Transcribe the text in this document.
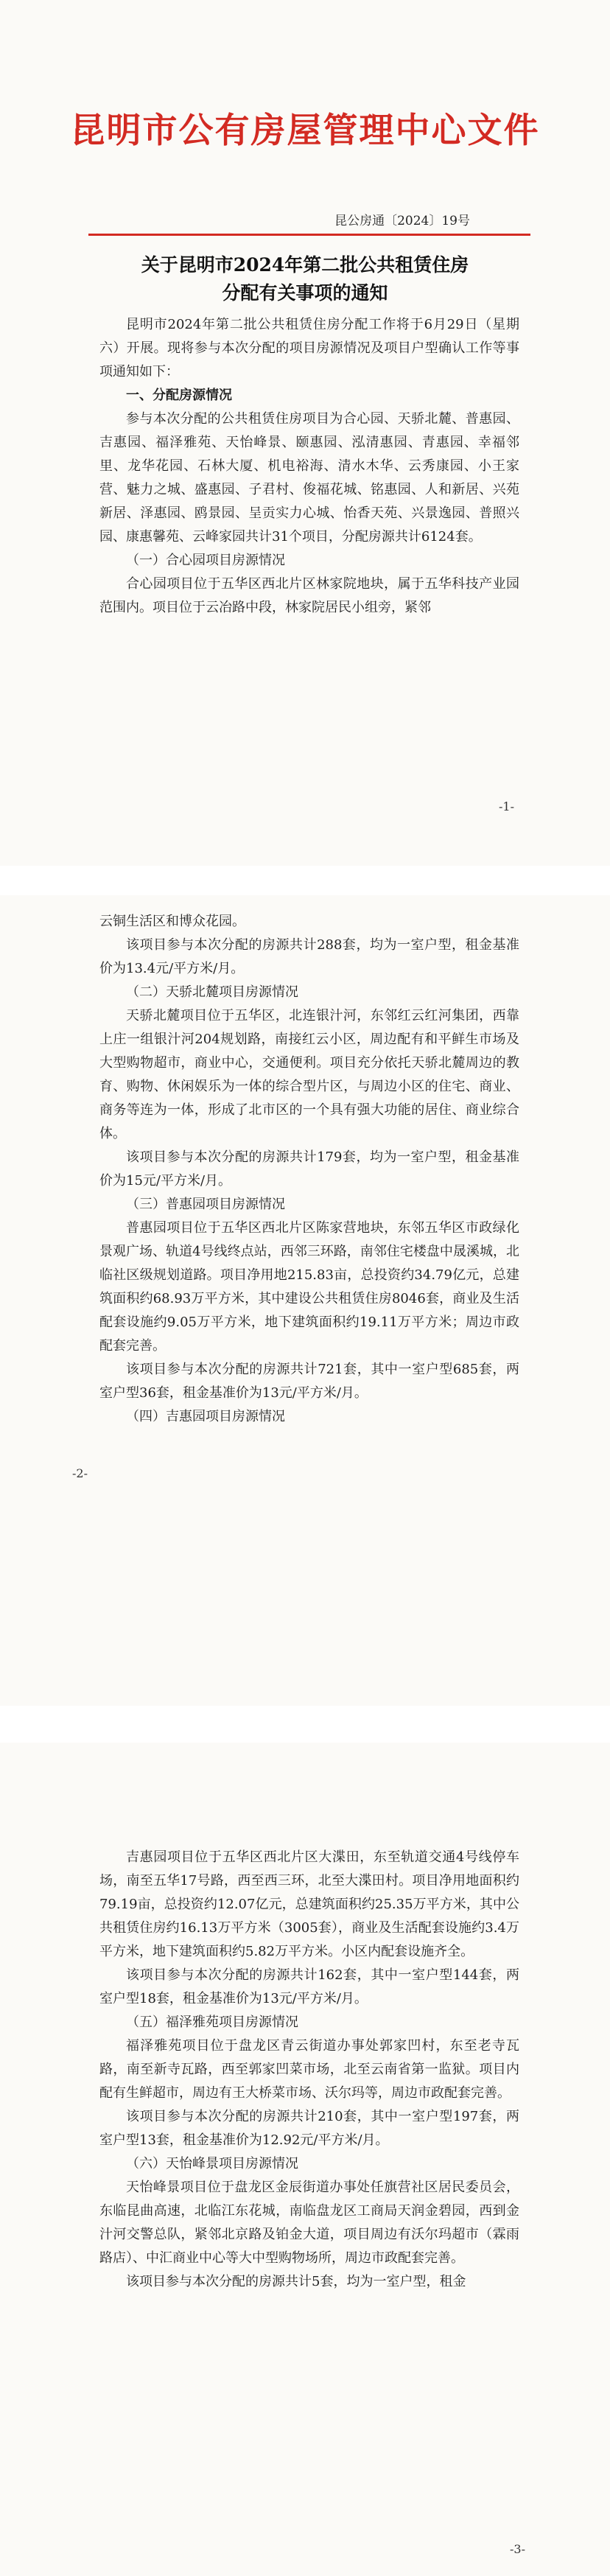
昆明市公有房屋管理中心文件
昆公房通〔2024〕19号
关于昆明市2024年第二批公共租赁住房
分配有关事项的通知

昆明市2024年第二批公共租赁住房分配工作将于6月29日（星期六）开展。现将参与本次分配的项目房源情况及项目户型确认工作等事项通知如下：

一、分配房源情况

参与本次分配的公共租赁住房项目为合心园、天骄北麓、普惠园、吉惠园、福泽雅苑、天怡峰景、颐惠园、泓清惠园、青惠园、幸福邻里、龙华花园、石林大厦、机电裕海、清水木华、云秀康园、小王家营、魅力之城、盛惠园、子君村、俊福花城、铭惠园、人和新居、兴苑新居、泽惠园、鸥景园、呈贡实力心城、怡香天苑、兴景逸园、普照兴园、康惠馨苑、云峰家园共计31个项目，分配房源共计6124套。

（一）合心园项目房源情况

合心园项目位于五华区西北片区林家院地块，属于五华科技产业园范围内。项目位于云冶路中段，林家院居民小组旁，紧邻

-1-

云铜生活区和博众花园。

该项目参与本次分配的房源共计288套，均为一室户型，租金基准价为13.4元/平方米/月。

（二）天骄北麓项目房源情况

天骄北麓项目位于五华区，北连银汁河，东邻红云红河集团，西靠上庄一组银汁河204规划路，南接红云小区，周边配有和平鲜生市场及大型购物超市，商业中心，交通便利。项目充分依托天骄北麓周边的教育、购物、休闲娱乐为一体的综合型片区，与周边小区的住宅、商业、商务等连为一体，形成了北市区的一个具有强大功能的居住、商业综合体。

该项目参与本次分配的房源共计179套，均为一室户型，租金基准价为15元/平方米/月。

（三）普惠园项目房源情况

普惠园项目位于五华区西北片区陈家营地块，东邻五华区市政绿化景观广场、轨道4号线终点站，西邻三环路，南邻住宅楼盘中晟溪城，北临社区级规划道路。项目净用地215.83亩，总投资约34.79亿元，总建筑面积约68.93万平方米，其中建设公共租赁住房8046套，商业及生活配套设施约9.05万平方米，地下建筑面积约19.11万平方米；周边市政配套完善。

该项目参与本次分配的房源共计721套，其中一室户型685套，两室户型36套，租金基准价为13元/平方米/月。

（四）吉惠园项目房源情况

-2-

吉惠园项目位于五华区西北片区大渫田，东至轨道交通4号线停车场，南至五华17号路，西至西三环，北至大渫田村。项目净用地面积约79.19亩，总投资约12.07亿元，总建筑面积约25.35万平方米，其中公共租赁住房约16.13万平方米（3005套），商业及生活配套设施约3.4万平方米，地下建筑面积约5.82万平方米。小区内配套设施齐全。

该项目参与本次分配的房源共计162套，其中一室户型144套，两室户型18套，租金基准价为13元/平方米/月。

（五）福泽雅苑项目房源情况

福泽雅苑项目位于盘龙区青云街道办事处郭家凹村，东至老寺瓦路，南至新寺瓦路，西至郭家凹菜市场，北至云南省第一监狱。项目内配有生鲜超市，周边有王大桥菜市场、沃尔玛等，周边市政配套完善。

该项目参与本次分配的房源共计210套，其中一室户型197套，两室户型13套，租金基准价为12.92元/平方米/月。

（六）天怡峰景项目房源情况

天怡峰景项目位于盘龙区金辰街道办事处任旗营社区居民委员会，东临昆曲高速，北临江东花城，南临盘龙区工商局天润金碧园，西到金汁河交警总队，紧邻北京路及铂金大道，项目周边有沃尔玛超市（霖雨路店）、中汇商业中心等大中型购物场所，周边市政配套完善。

该项目参与本次分配的房源共计5套，均为一室户型，租金

-3-
